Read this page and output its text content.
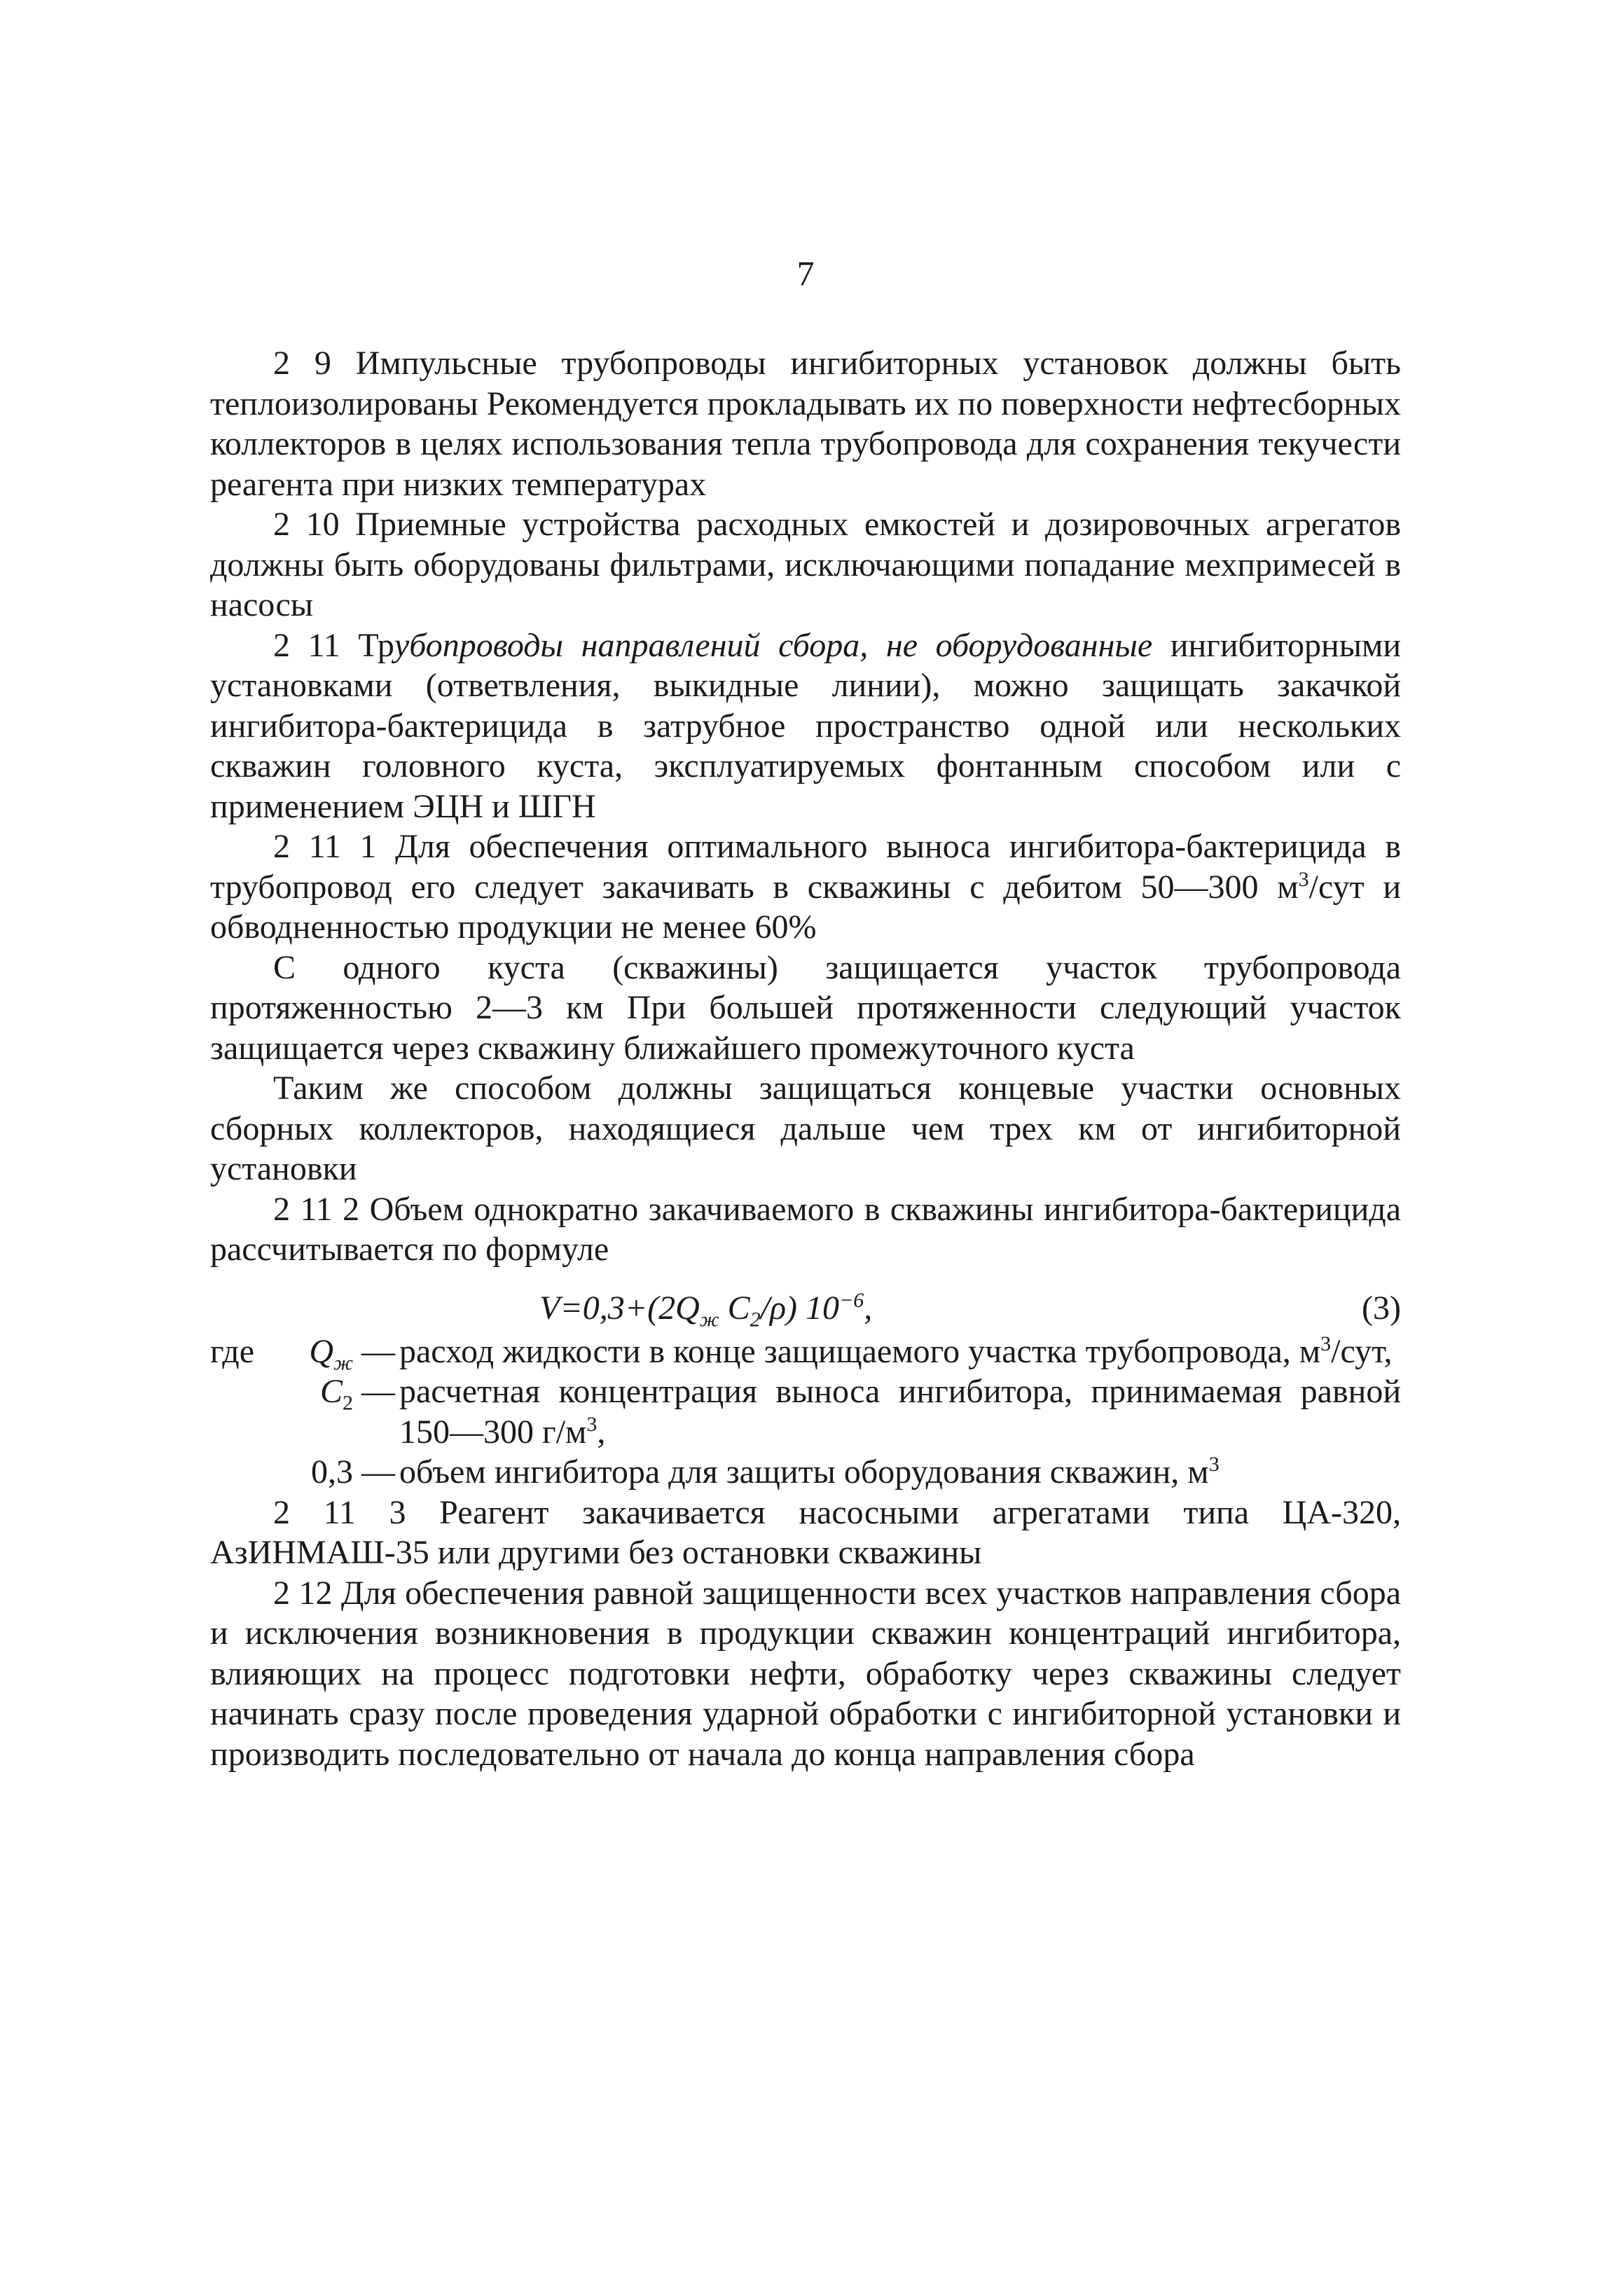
7

2 9 Импульсные трубопроводы ингибиторных установок должны быть теплоизолированы Рекомендуется прокладывать их по поверхности нефтесборных коллекторов в целях использования тепла трубопровода для сохранения текучести реагента при низких температурах

2 10 Приемные устройства расходных емкостей и дозировочных агрегатов должны быть оборудованы фильтрами, исключающими попадание мехпримесей в насосы

2 11 Трубопроводы направлений сбора, не оборудованные ингибиторными установками (ответвления, выкидные линии), можно защищать закачкой ингибитора-бактерицида в затрубное пространство одной или нескольких скважин головного куста, эксплуатируемых фонтанным способом или с применением ЭЦН и ШГН

2 11 1 Для обеспечения оптимального выноса ингибитора-бактерицида в трубопровод его следует закачивать в скважины с дебитом 50—300 $м^3$/сут и обводненностью продукции не менее 60%

С одного куста (скважины) защищается участок трубопровода протяженностью 2—3 км При большей протяженности следующий участок защищается через скважину ближайшего промежуточного куста

Таким же способом должны защищаться концевые участки основных сборных коллекторов, находящиеся дальше чем трех км от ингибиторной установки

2 11 2 Объем однократно закачиваемого в скважины ингибитора-бактерицида рассчитывается по формуле

$V=0,3+(2Q_ж$ $C_2/\rho$) $10^{-6}$,	(3)
где $Q_ж$ — расход жидкости в конце защищаемого участка трубопровода, $м^3$/сут,
$C_2$ — расчетная концентрация выноса ингибитора, принимаемая равной 150—300 $г/м^3$,
0,3 — объем ингибитора для защиты оборудования скважин, $м^3$

2 11 3 Реагент закачивается насосными агрегатами типа ЦА-320, АзИНМАШ-35 или другими без остановки скважины

2 12 Для обеспечения равной защищенности всех участков направления сбора и исключения возникновения в продукции скважин концентраций ингибитора, влияющих на процесс подготовки нефти, обработку через скважины следует начинать сразу после проведения ударной обработки с ингибиторной установки и производить последовательно от начала до конца направления сбора
